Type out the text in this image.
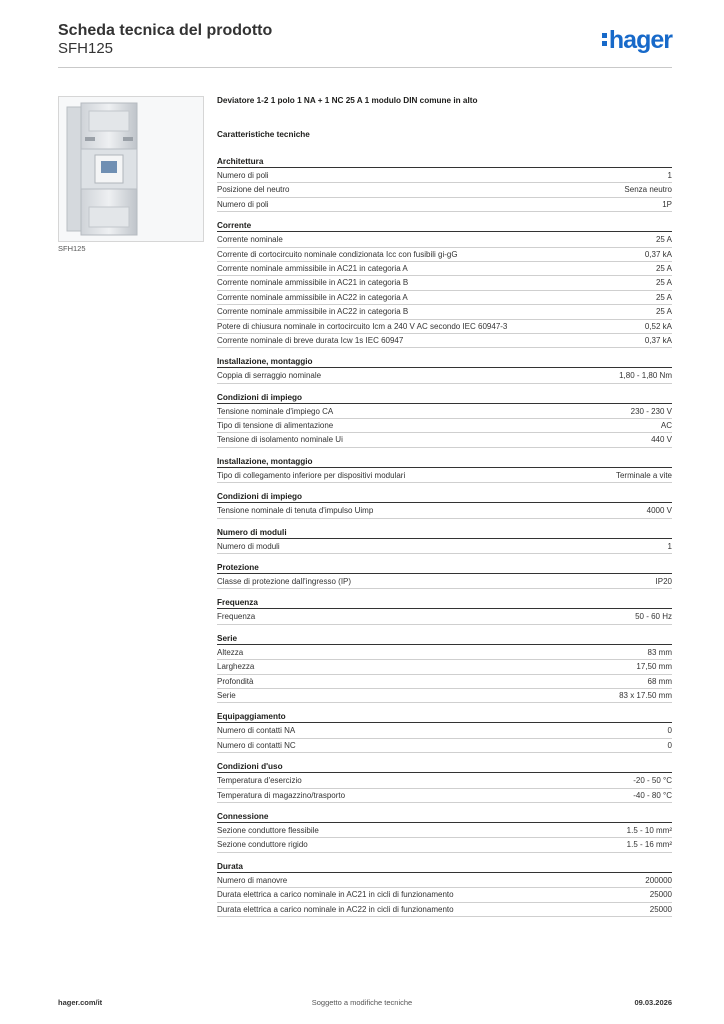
Scheda tecnica del prodotto
SFH125	hager
SFH125
Deviatore 1-2 1 polo 1 NA + 1 NC 25 A 1 modulo DIN comune in alto
Caratteristiche tecniche
Architettura
Numero di poli	1
Posizione del neutro	Senza neutro
Numero di poli	1P
Corrente
Corrente nominale	25 A
Corrente di cortocircuito nominale condizionata Icc con fusibili gi-gG	0,37 kA
Corrente nominale ammissibile in AC21 in categoria A	25 A
Corrente nominale ammissibile in AC21 in categoria B	25 A
Corrente nominale ammissibile in AC22 in categoria A	25 A
Corrente nominale ammissibile in AC22 in categoria B	25 A
Potere di chiusura nominale in cortocircuito Icm a 240 V AC secondo IEC 60947-3	0,52 kA
Corrente nominale di breve durata Icw 1s IEC 60947	0,37 kA
Installazione, montaggio
Coppia di serraggio nominale	1,80 - 1,80 Nm
Condizioni di impiego
Tensione nominale d'impiego CA	230 - 230 V
Tipo di tensione di alimentazione	AC
Tensione di isolamento nominale Ui	440 V
Installazione, montaggio
Tipo di collegamento inferiore per dispositivi modulari	Terminale a vite
Condizioni di impiego
Tensione nominale di tenuta d'impulso Uimp	4000 V
Numero di moduli
Numero di moduli	1
Protezione
Classe di protezione dall'ingresso (IP)	IP20
Frequenza
Frequenza	50 - 60 Hz
Serie
Altezza	83 mm
Larghezza	17,50 mm
Profondità	68 mm
Serie	83 x 17.50 mm
Equipaggiamento
Numero di contatti NA	0
Numero di contatti NC	0
Condizioni d'uso
Temperatura d'esercizio	-20 - 50 °C
Temperatura di magazzino/trasporto	-40 - 80 °C
Connessione
Sezione conduttore flessibile	1.5 - 10 mm²
Sezione conduttore rigido	1.5 - 16 mm²
Durata
Numero di manovre	200000
Durata elettrica a carico nominale in AC21 in cicli di funzionamento	25000
Durata elettrica a carico nominale in AC22 in cicli di funzionamento	25000
hager.com/it	Soggetto a modifiche tecniche	09.03.2026
